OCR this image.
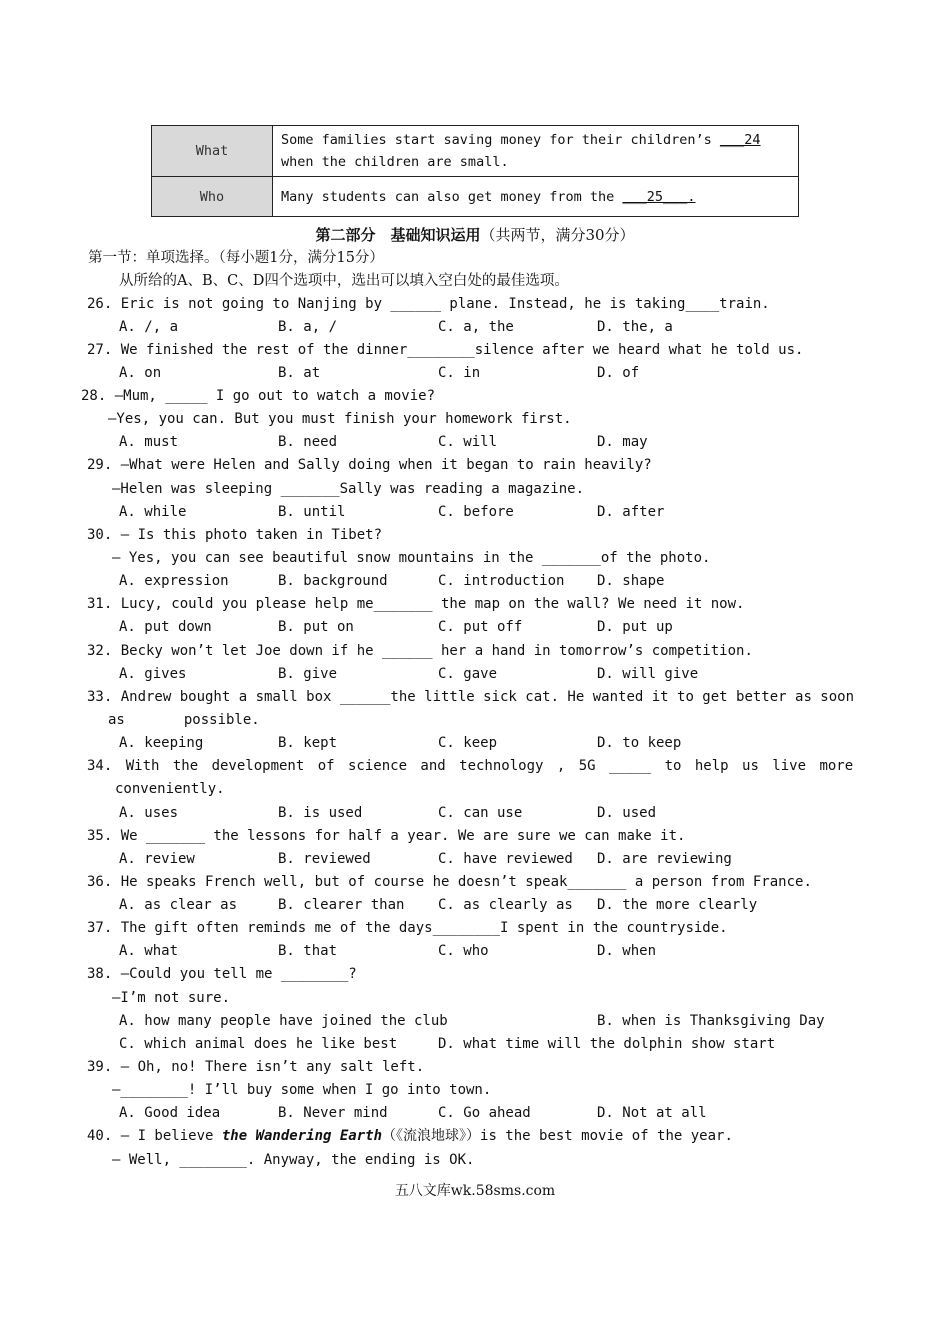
What	Some families start saving money for their children’s ___24
when the children are small.
Who	Many students can also get money from the ___25___.
第二部分　基础知识运用（共两节，满分30分）
第一节：单项选择。（每小题1分，满分15分）
从所给的A、B、C、D四个选项中，选出可以填入空白处的最佳选项。
26. Eric is not going to Nanjing by ______ plane. Instead, he is taking____train.
A. /, a	B. a, /	C. a, the	D. the, a
27. We finished the rest of the dinner________silence after we heard what he told us.
A. on	B. at	C. in	D. of
28. —Mum, _____ I go out to watch a movie?
—Yes, you can. But you must finish your homework first.
A. must	B. need	C. will	D. may
29. —What were Helen and Sally doing when it began to rain heavily?
—Helen was sleeping _______Sally was reading a magazine.
A. while	B. until	C. before	D. after
30. — Is this photo taken in Tibet?
— Yes, you can see beautiful snow mountains in the _______of the photo.
A. expression	B. background	C. introduction D. shape
31. Lucy, could you please help me_______ the map on the wall? We need it now.
A. put down	B. put on	C. put off	D. put up
32. Becky won’t let Joe down if he ______ her a hand in tomorrow’s competition.
A. gives	B. give	C. gave	D. will give
33. Andrew bought a small box ______the little sick cat. He wanted it to get better as soon
as       possible.
A. keeping	B. kept	C. keep	D. to keep
34. With the development of science and technology , 5G _____ to help us live more
conveniently.
A. uses	B. is used	C. can use	D. used
35. We _______ the lessons for half a year. We are sure we can make it.
A. review	B. reviewed	C. have reviewed D. are reviewing
36. He speaks French well, but of course he doesn’t speak_______ a person from France.
A. as clear as	B. clearer than C. as clearly as D. the more clearly
37. The gift often reminds me of the days________I spent in the countryside.
A. what	B. that	C. who	D. when
38. —Could you tell me ________?
—I’m not sure.
A. how many people have joined the club	B. when is Thanksgiving Day
C. which animal does he like best	D. what time will the dolphin show start
39. — Oh, no! There isn’t any salt left.
—________! I’ll buy some when I go into town.
A. Good idea	B. Never mind	C. Go ahead	D. Not at all
40. — I believe the Wandering Earth（《流浪地球》）is the best movie of the year.
— Well, ________. Anyway, the ending is OK.
五八文库wk.58sms.com
